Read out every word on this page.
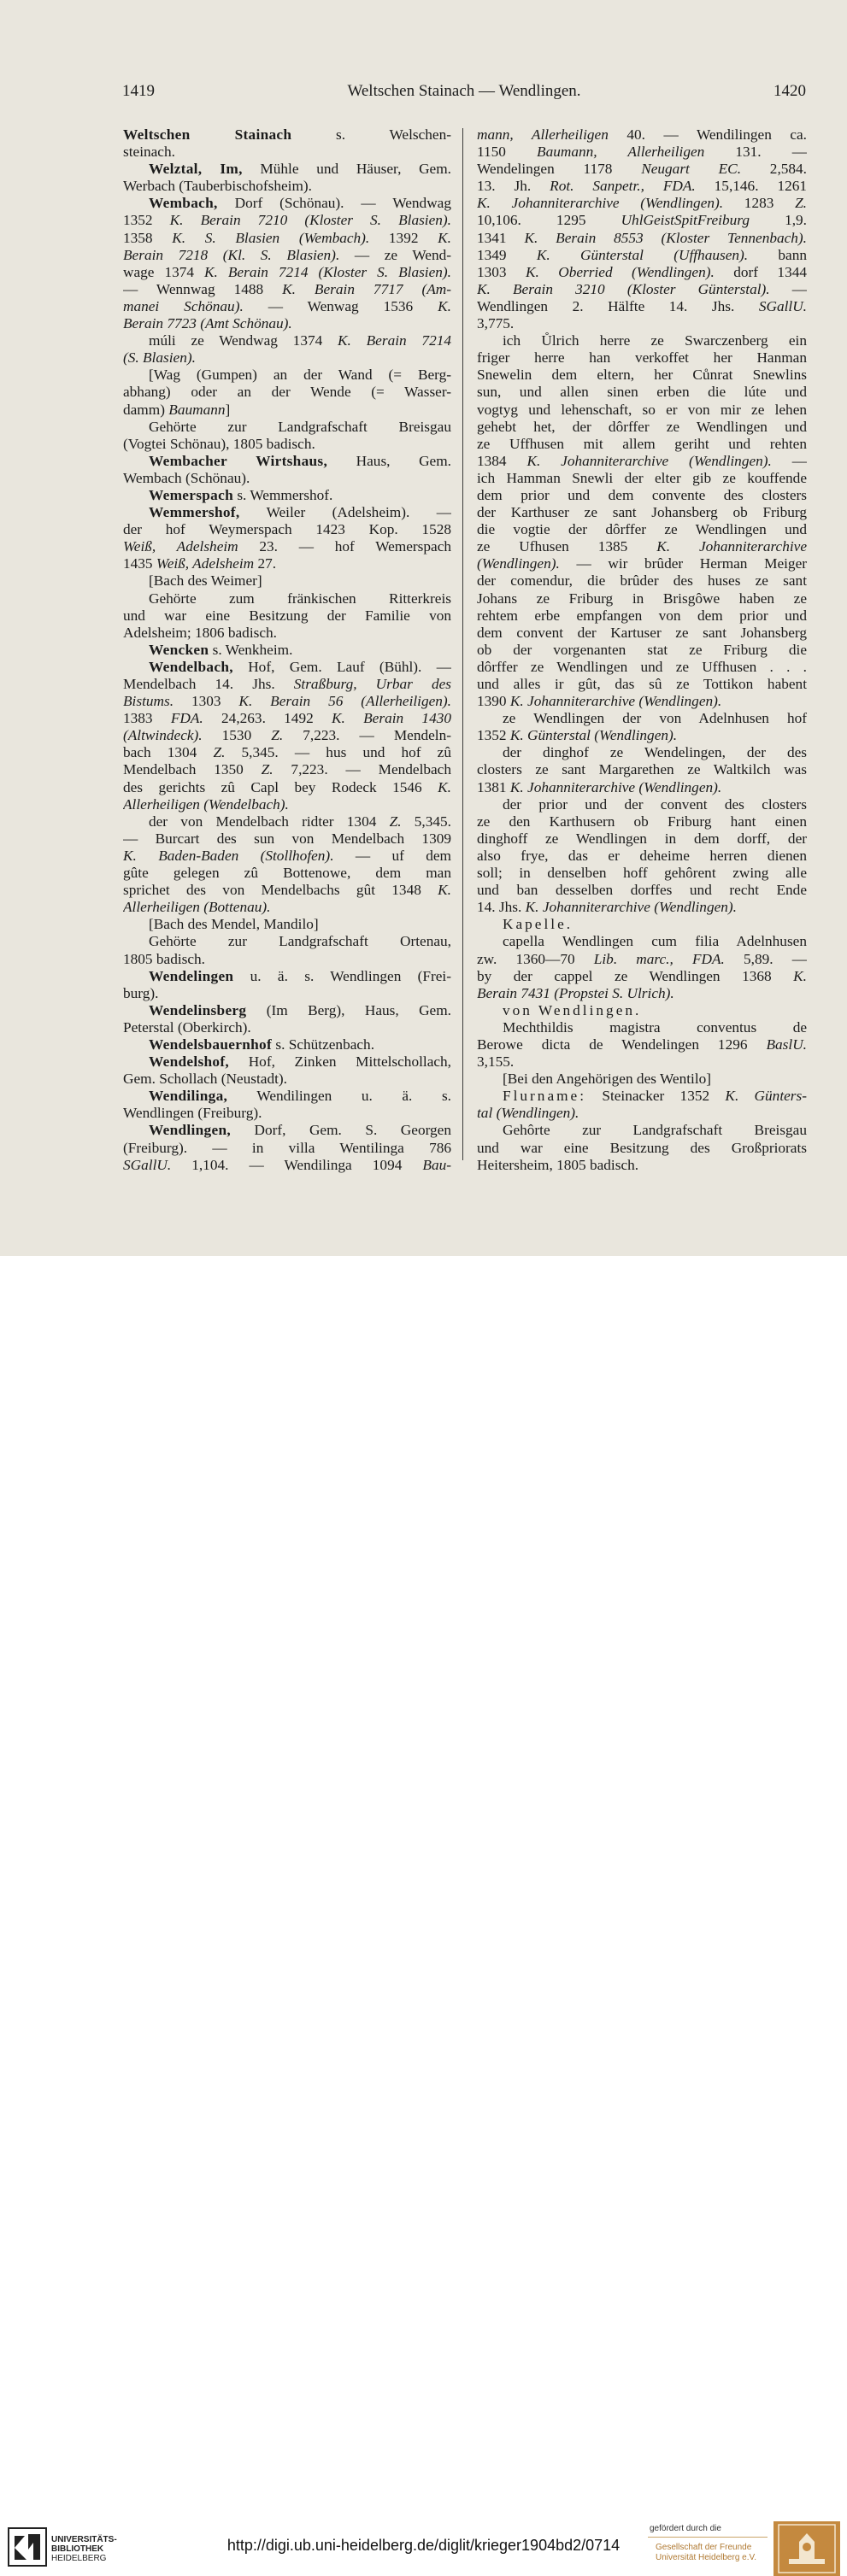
1419	Weltschen Stainach — Wendlingen.	1420
Weltschen Stainach s. Welschen-
steinach.
Welztal, Im, Mühle und Häuser, Gem.
Werbach (Tauberbischofsheim).
Wembach, Dorf (Schönau). — Wendwag
1352 K. Berain 7210 (Kloster S. Blasien).
1358 K. S. Blasien (Wembach). 1392 K.
Berain 7218 (Kl. S. Blasien). — ze Wend-
wage 1374 K. Berain 7214 (Kloster S. Blasien).
— Wennwag 1488 K. Berain 7717 (Am-
manei Schönau). — Wenwag 1536 K.
Berain 7723 (Amt Schönau).
múli ze Wendwag 1374 K. Berain 7214
(S. Blasien).
[Wag (Gumpen) an der Wand (= Berg-
abhang) oder an der Wende (= Wasser-
damm) Baumann]
Gehörte zur Landgrafschaft Breisgau
(Vogtei Schönau), 1805 badisch.
Wembacher Wirtshaus, Haus, Gem.
Wembach (Schönau).
Wemerspach s. Wemmershof.
Wemmershof, Weiler (Adelsheim). —
der hof Weymerspach 1423 Kop. 1528
Weiß, Adelsheim 23. — hof Wemerspach
1435 Weiß, Adelsheim 27.
[Bach des Weimer]
Gehörte zum fränkischen Ritterkreis
und war eine Besitzung der Familie von
Adelsheim; 1806 badisch.
Wencken s. Wenkheim.
Wendelbach, Hof, Gem. Lauf (Bühl). —
Mendelbach 14. Jhs. Straßburg, Urbar des
Bistums. 1303 K. Berain 56 (Allerheiligen).
1383 FDA. 24,263. 1492 K. Berain 1430
(Altwindeck). 1530 Z. 7,223. — Mendeln-
bach 1304 Z. 5,345. — hus und hof zû
Mendelbach 1350 Z. 7,223. — Mendelbach
des gerichts zû Capl bey Rodeck 1546 K.
Allerheiligen (Wendelbach).
der von Mendelbach ridter 1304 Z. 5,345.
— Burcart des sun von Mendelbach 1309
K. Baden-Baden (Stollhofen). — uf dem
gûte gelegen zû Bottenowe, dem man
sprichet des von Mendelbachs gût 1348 K.
Allerheiligen (Bottenau).
[Bach des Mendel, Mandilo]
Gehörte zur Landgrafschaft Ortenau,
1805 badisch.
Wendelingen u. ä. s. Wendlingen (Frei-
burg).
Wendelinsberg (Im Berg), Haus, Gem.
Peterstal (Oberkirch).
Wendelsbauernhof s. Schützenbach.
Wendelshof, Hof, Zinken Mittelschollach,
Gem. Schollach (Neustadt).
Wendilinga, Wendilingen u. ä. s.
Wendlingen (Freiburg).
Wendlingen, Dorf, Gem. S. Georgen
(Freiburg). — in villa Wentilinga 786
SGallU. 1,104. — Wendilinga 1094 Bau-
mann, Allerheiligen 40. — Wendilingen ca.
1150 Baumann, Allerheiligen 131. —
Wendelingen 1178 Neugart EC. 2,584.
13. Jh. Rot. Sanpetr., FDA. 15,146. 1261
K. Johanniterarchive (Wendlingen). 1283 Z.
10,106. 1295 UhlGeistSpitFreiburg 1,9.
1341 K. Berain 8553 (Kloster Tennenbach).
1349 K. Günterstal (Uffhausen). bann
1303 K. Oberried (Wendlingen). dorf 1344
K. Berain 3210 (Kloster Günterstal). —
Wendlingen 2. Hälfte 14. Jhs. SGallU.
3,775.
ich Ůlrich herre ze Swarczenberg ein
friger herre han verkoffet her Hanman
Snewelin dem eltern, her Cůnrat Snewlins
sun, und allen sinen erben die lúte und
vogtyg und lehenschaft, so er von mir ze lehen
gehebt het, der dôrffer ze Wendlingen und
ze Uffhusen mit allem geriht und rehten
1384 K. Johanniterarchive (Wendlingen). —
ich Hamman Snewli der elter gib ze kouffende
dem prior und dem convente des closters
der Karthuser ze sant Johansberg ob Friburg
die vogtie der dôrffer ze Wendlingen und
ze Ufhusen 1385 K. Johanniterarchive
(Wendlingen). — wir brûder Herman Meiger
der comendur, die brûder des huses ze sant
Johans ze Friburg in Brisgôwe haben ze
rehtem erbe empfangen von dem prior und
dem convent der Kartuser ze sant Johansberg
ob der vorgenanten stat ze Friburg die
dôrffer ze Wendlingen und ze Uffhusen . . .
und alles ir gût, das sû ze Tottikon habent
1390 K. Johanniterarchive (Wendlingen).
ze Wendlingen der von Adelnhusen hof
1352 K. Günterstal (Wendlingen).
der dinghof ze Wendelingen, der des
closters ze sant Margarethen ze Waltkilch was
1381 K. Johanniterarchive (Wendlingen).
der prior und der convent des closters
ze den Karthusern ob Friburg hant einen
dinghoff ze Wendlingen in dem dorff, der
also frye, das er deheime herren dienen
soll; in denselben hoff gehôrent zwing alle
und ban desselben dorffes und recht Ende
14. Jhs. K. Johanniterarchive (Wendlingen).
Kapelle.
capella Wendlingen cum filia Adelnhusen
zw. 1360—70 Lib. marc., FDA. 5,89. —
by der cappel ze Wendlingen 1368 K.
Berain 7431 (Propstei S. Ulrich).
von Wendlingen.
Mechthildis magistra conventus de
Berowe dicta de Wendelingen 1296 BaslU.
3,155.
[Bei den Angehörigen des Wentilo]
Flurname: Steinacker 1352 K. Günters-
tal (Wendlingen).
Gehôrte zur Landgrafschaft Breisgau
und war eine Besitzung des Großpriorats
Heitersheim, 1805 badisch.
UNIVERSITÄTS-
BIBLIOTHEK
HEIDELBERG
http://digi.ub.uni-heidelberg.de/diglit/krieger1904bd2/0714
gefördert durch die
Gesellschaft der Freunde
Universität Heidelberg e.V.
